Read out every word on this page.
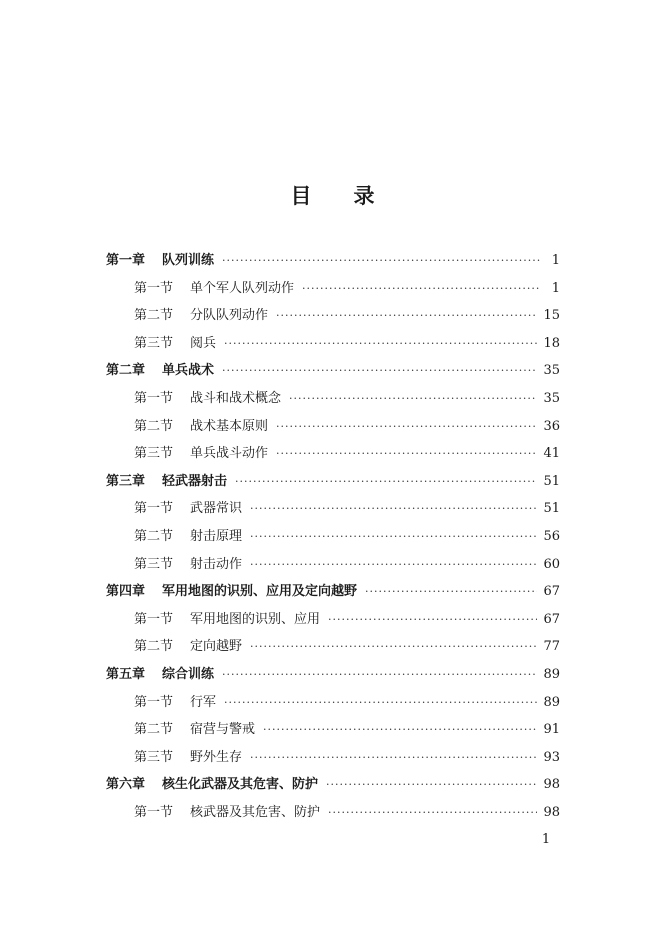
目 录
第一章	队列训练 ·····	1
第一节	单个军人队列动作 ·····	1
第二节	分队队列动作 ·····	15
第三节	阅兵 ·····	18
第二章	单兵战术 ·····	35
第一节	战斗和战术概念 ·····	35
第二节	战术基本原则 ·····	36
第三节	单兵战斗动作 ·····	41
第三章	轻武器射击 ·····	51
第一节	武器常识 ·····	51
第二节	射击原理 ·····	56
第三节	射击动作 ·····	60
第四章	军用地图的识别、应用及定向越野 ·····	67
第一节	军用地图的识别、应用 ·····	67
第二节	定向越野 ·····	77
第五章	综合训练 ·····	89
第一节	行军 ·····	89
第二节	宿营与警戒 ·····	91
第三节	野外生存 ·····	93
第六章	核生化武器及其危害、防护 ·····	98
第一节	核武器及其危害、防护 ·····	98
1
